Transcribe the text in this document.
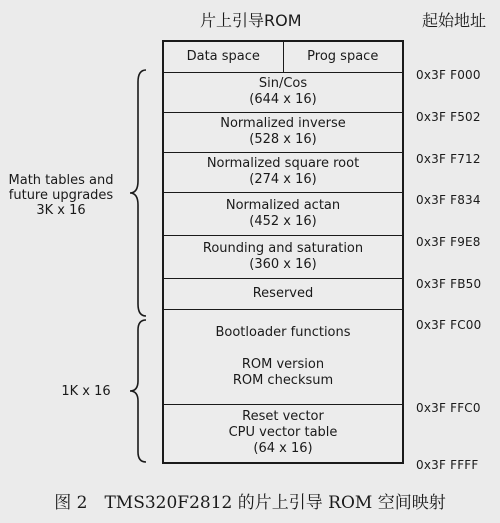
片上引导ROM	起始地址
Data space	Prog space
Sin/Cos
(644 x 16)
Normalized inverse
(528 x 16)
Normalized square root
(274 x 16)
Normalized actan
(452 x 16)
Rounding and saturation
(360 x 16)
Reserved
Bootloader functions
ROM version
ROM checksum
Reset vector
CPU vector table
(64 x 16)
0x3F F000
0x3F F502
0x3F F712
0x3F F834
0x3F F9E8
0x3F FB50
0x3F FC00
0x3F FFC0
0x3F FFFF
Math tables and
future upgrades
3K x 16
1K x 16
图 2　TMS320F2812 的片上引导 ROM 空间映射
